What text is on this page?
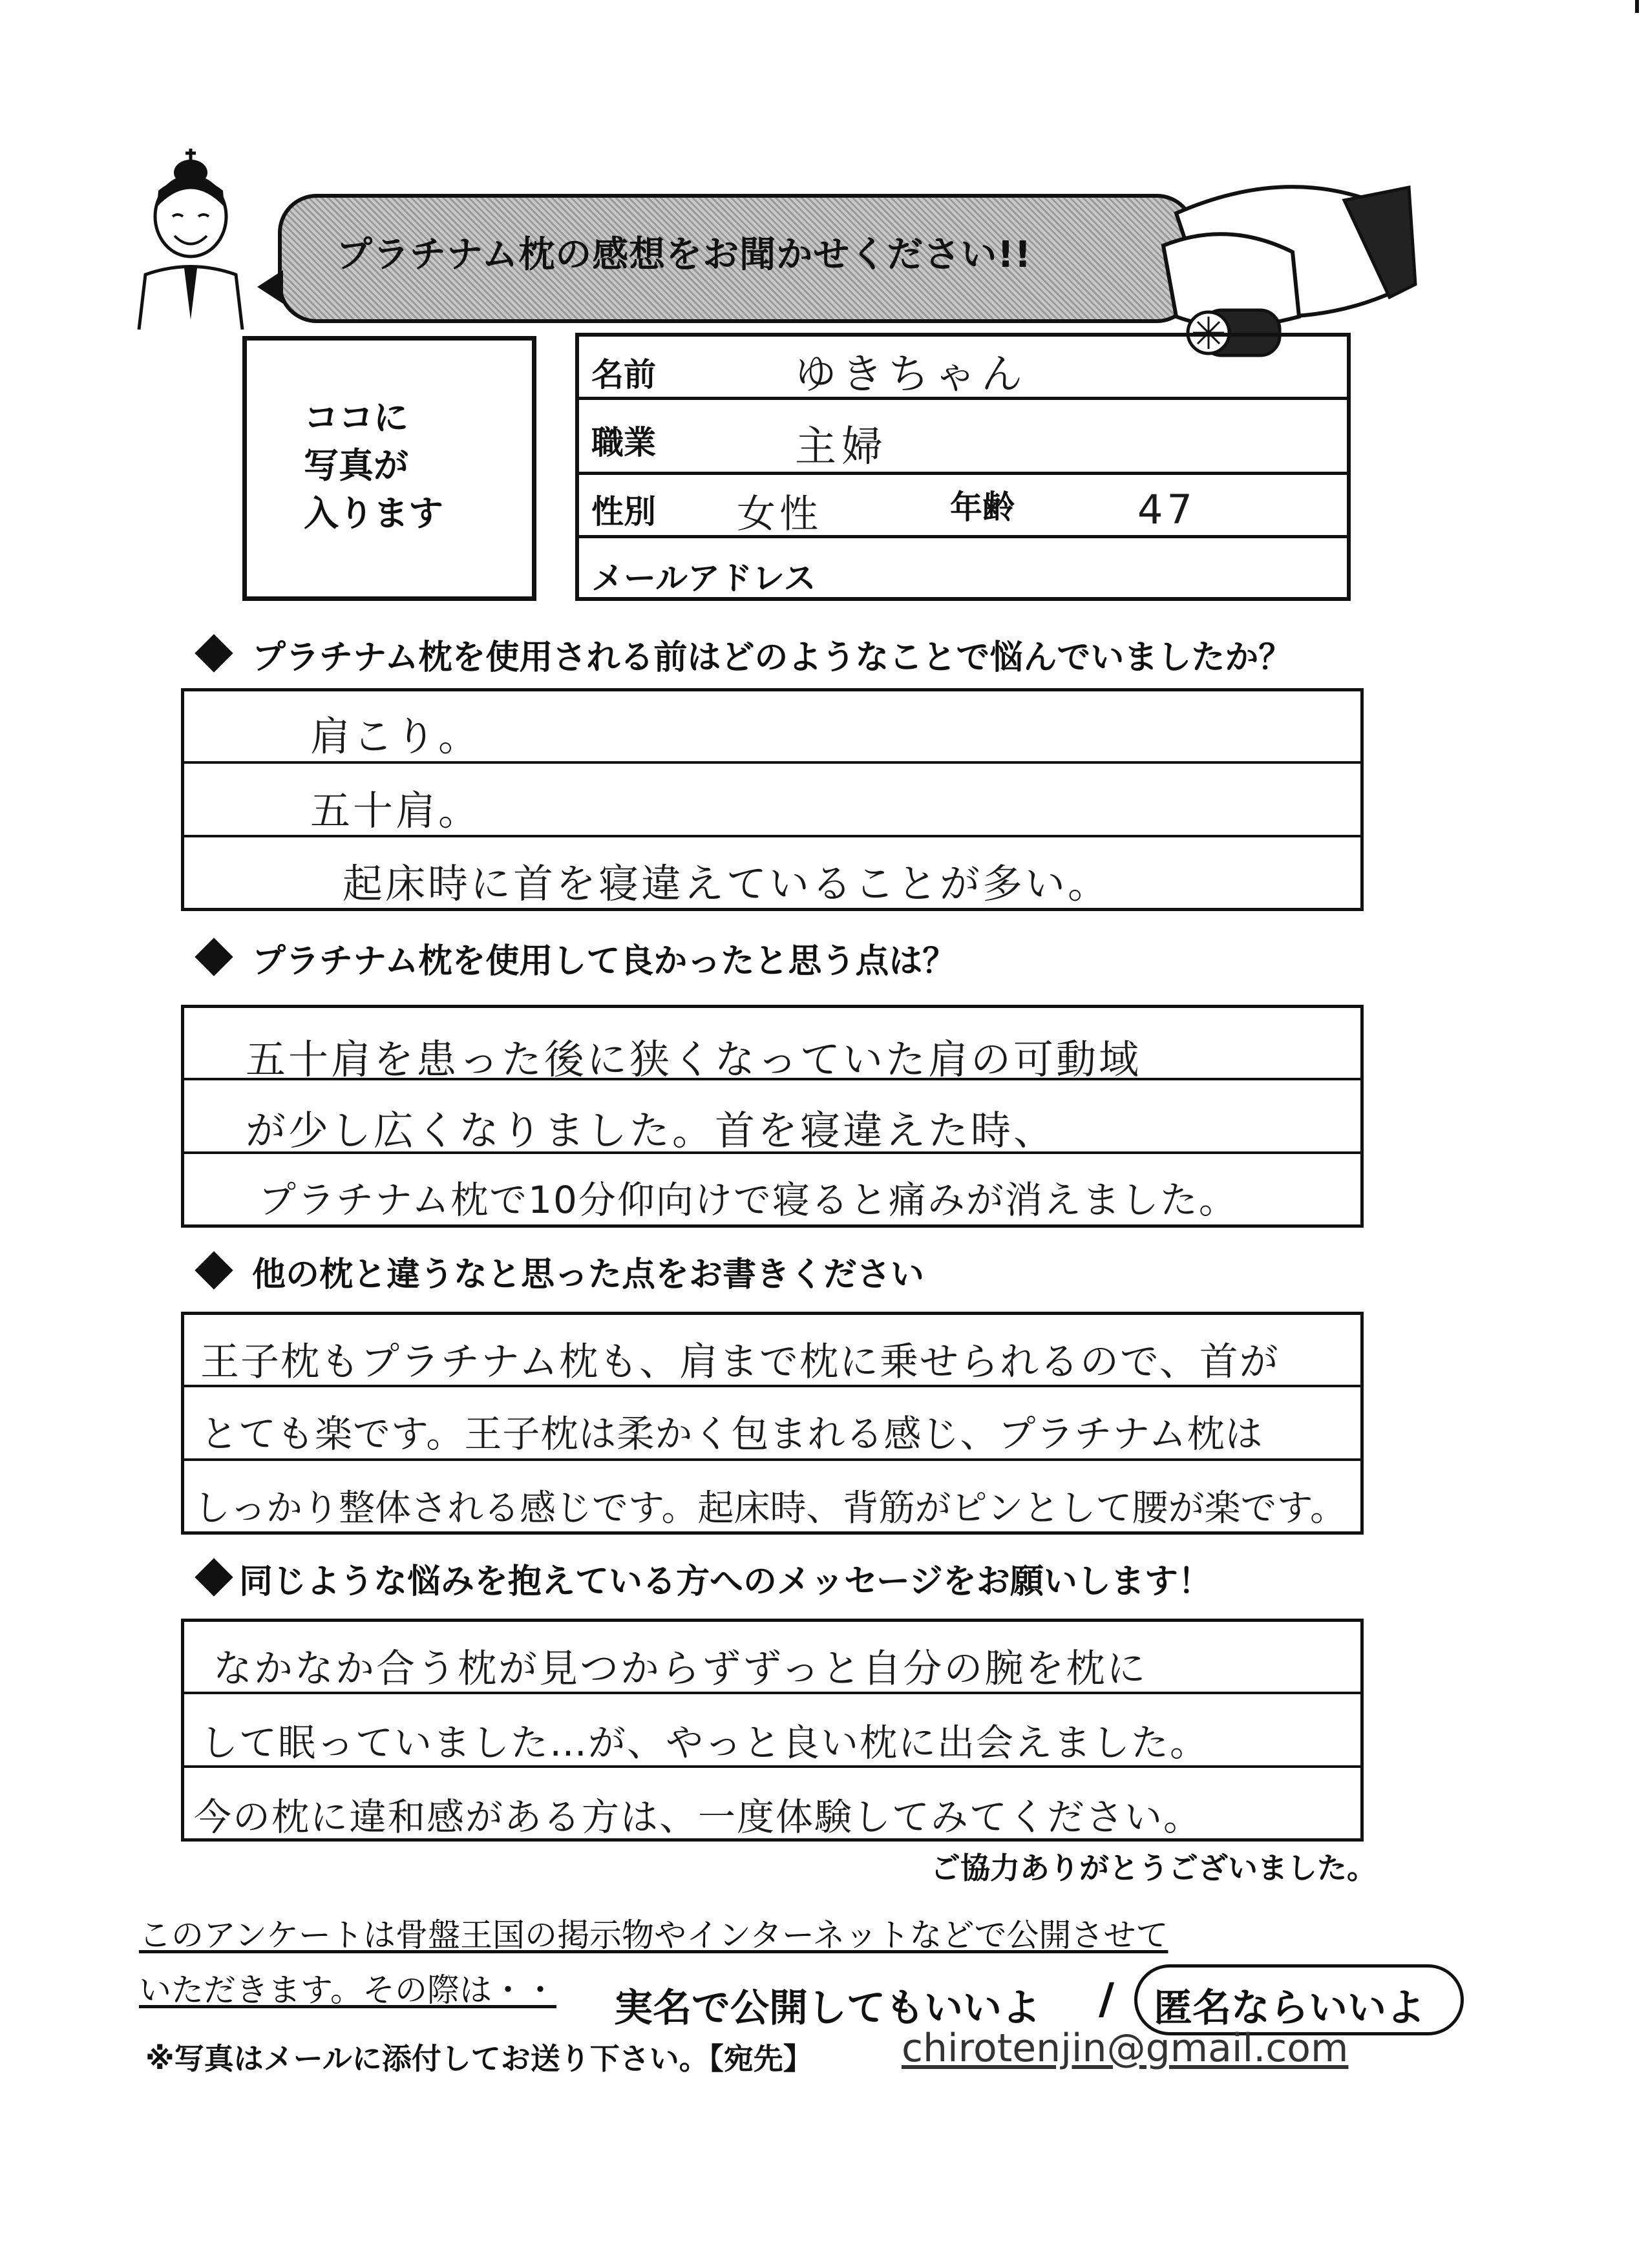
プラチナム枕の感想をお聞かせください!!
ココに
写真が
入ります
名前	ゆきちゃん
職業	主婦
性別 女性	年齢	47
メールアドレス
プラチナム枕を使用される前はどのようなことで悩んでいましたか？
肩こり。
五十肩。
起床時に首を寝違えていることが多い。
プラチナム枕を使用して良かったと思う点は？
五十肩を患った後に狭くなっていた肩の可動域
が少し広くなりました。首を寝違えた時、
プラチナム枕で10分仰向けで寝ると痛みが消えました。
他の枕と違うなと思った点をお書きください
王子枕もプラチナム枕も、肩まで枕に乗せられるので、首が
とても楽です。王子枕は柔かく包まれる感じ、プラチナム枕は
しっかり整体される感じです。起床時、背筋がピンとして腰が楽です。
同じような悩みを抱えている方へのメッセージをお願いします！
なかなか合う枕が見つからずずっと自分の腕を枕に
して眠っていました…が、やっと良い枕に出会えました。
今の枕に違和感がある方は、一度体験してみてください。
ご協力ありがとうございました。
このアンケートは骨盤王国の掲示物やインターネットなどで公開させて
いただきます。その際は・・ 実名で公開してもいいよ / 匿名ならいいよ
※写真はメールに添付してお送り下さい。【宛先】 chirotenjin@gmail.com
